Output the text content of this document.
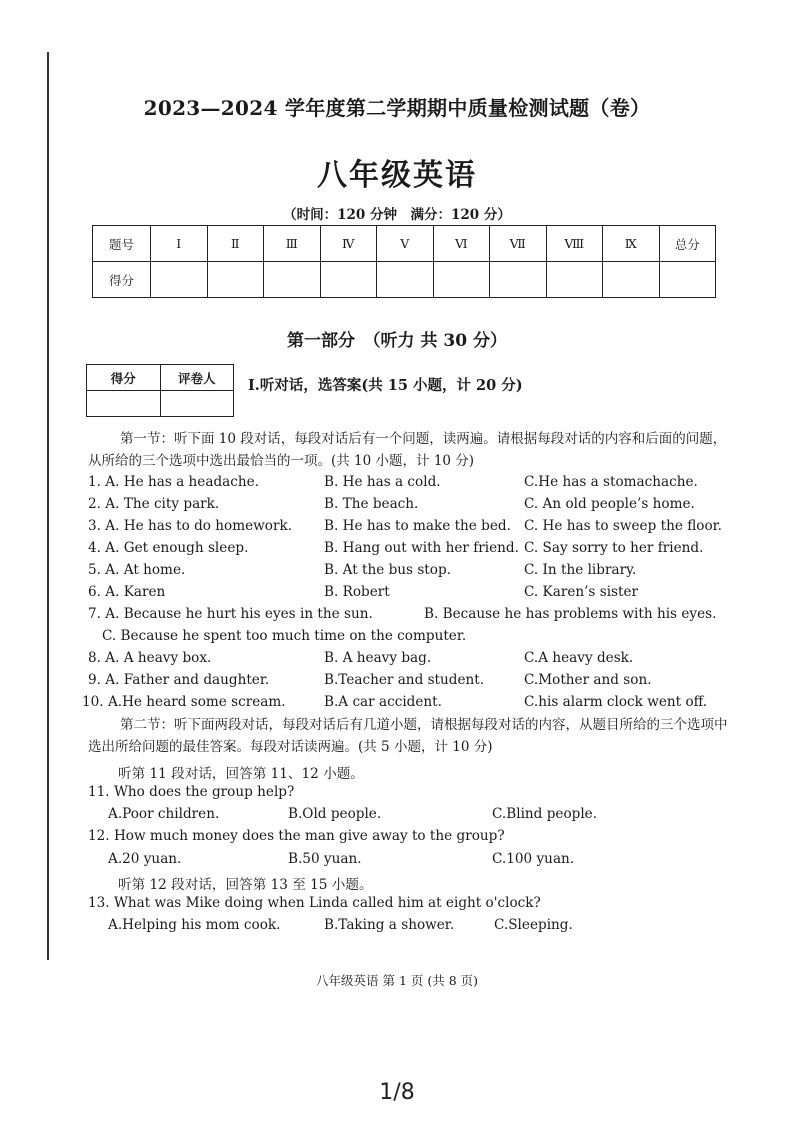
2023—2024 学年度第二学期期中质量检测试题（卷）
八年级英语
（时间：120 分钟　满分：120 分）
题号	Ⅰ	Ⅱ	Ⅲ	Ⅳ	Ⅴ	Ⅵ	Ⅶ	Ⅷ	Ⅸ	总分
得分										
第一部分　（听力 共 30 分）
得分	评卷人
	I.听对话，选答案(共 15 小题，计 20 分)
第一节：听下面 10 段对话，每段对话后有一个问题，读两遍。请根据每段对话的内容和后面的问题，从所给的三个选项中选出最恰当的一项。(共 10 小题，计 10 分)
1. A. He has a headache.	B. He has a cold.	C.He has a stomachache.
2. A. The city park.	B. The beach.	C. An old people’s home.
3. A. He has to do homework. B. He has to make the bed. C. He has to sweep the floor.
4. A. Get enough sleep.	B. Hang out with her friend. C. Say sorry to her friend.
5. A. At home.	B. At the bus stop.	C. In the library.
6. A. Karen	B. Robert	C. Karen’s sister
7. A. Because he hurt his eyes in the sun.	B. Because he has problems with his eyes.
C. Because he spent too much time on the computer.
8. A. A heavy box.	B. A heavy bag.	C.A heavy desk.
9. A. Father and daughter.	B.Teacher and student.	C.Mother and son.
10. A.He heard some scream.	B.A car accident.	C.his alarm clock went off.
第二节：听下面两段对话，每段对话后有几道小题，请根据每段对话的内容，从题目所给的三个选项中选出所给问题的最佳答案。每段对话读两遍。(共 5 小题，计 10 分)
听第 11 段对话，回答第 11、12 小题。
11. Who does the group help?
A.Poor children.	B.Old people.	C.Blind people.
12. How much money does the man give away to the group?
A.20 yuan.	B.50 yuan.	C.100 yuan.
听第 12 段对话，回答第 13 至 15 小题。
13. What was Mike doing when Linda called him at eight o'clock?
A.Helping his mom cook.	B.Taking a shower.	C.Sleeping.
八年级英语 第 1 页 (共 8 页)
1/8
